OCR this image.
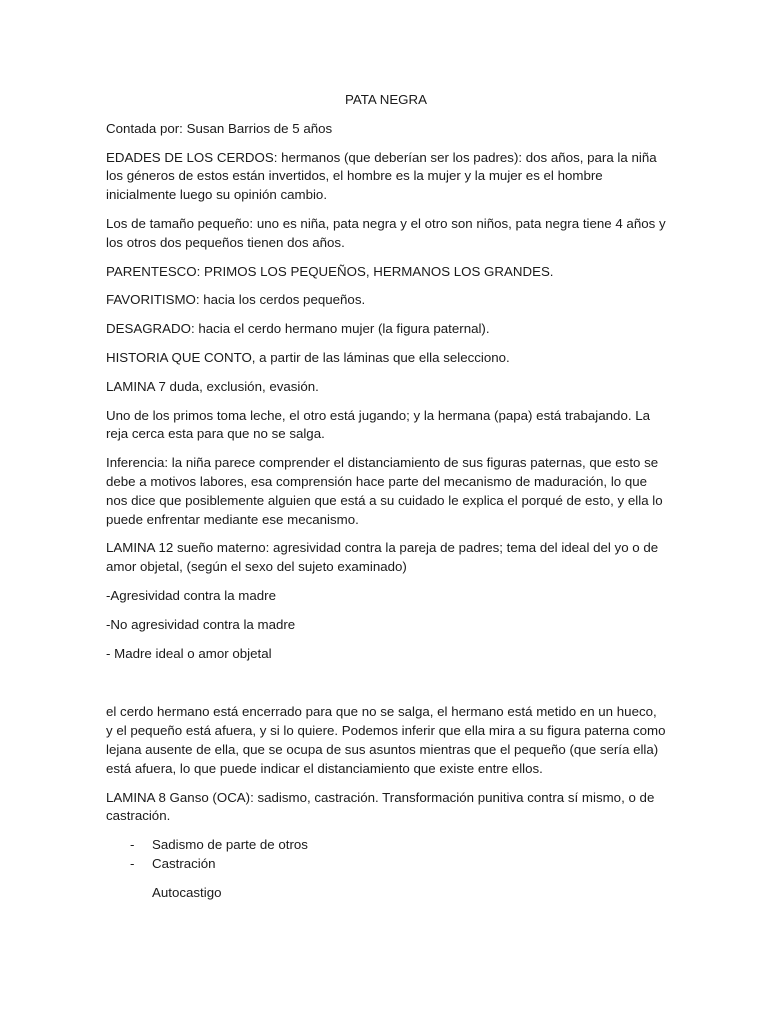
PATA NEGRA

Contada por: Susan Barrios de 5 años

EDADES DE LOS CERDOS: hermanos (que deberían ser los padres): dos años, para la niña los géneros de estos están invertidos, el hombre es la mujer y la mujer es el hombre inicialmente luego su opinión cambio.

Los de tamaño pequeño: uno es niña, pata negra y el otro son niños, pata negra tiene 4 años y los otros dos pequeños tienen dos años.

PARENTESCO: PRIMOS LOS PEQUEÑOS, HERMANOS LOS GRANDES.

FAVORITISMO: hacia los cerdos pequeños.

DESAGRADO: hacia el cerdo hermano mujer (la figura paternal).

HISTORIA QUE CONTO, a partir de las láminas que ella selecciono.

LAMINA 7 duda, exclusión, evasión.

Uno de los primos toma leche, el otro está jugando; y la hermana (papa) está trabajando. La reja cerca esta para que no se salga.

Inferencia: la niña parece comprender el distanciamiento de sus figuras paternas, que esto se debe a motivos labores, esa comprensión hace parte del mecanismo de maduración, lo que nos dice que posiblemente alguien que está a su cuidado le explica el porqué de esto, y ella lo puede enfrentar mediante ese mecanismo.

LAMINA 12 sueño materno: agresividad contra la pareja de padres; tema del ideal del yo o de amor objetal, (según el sexo del sujeto examinado)

-Agresividad contra la madre

-No agresividad contra la madre

- Madre ideal o amor objetal

el cerdo hermano está encerrado para que no se salga, el hermano está metido en un hueco, y el pequeño está afuera, y si lo quiere. Podemos inferir que ella mira a su figura paterna como lejana ausente de ella, que se ocupa de sus asuntos mientras que el pequeño (que sería ella) está afuera, lo que puede indicar el distanciamiento que existe entre ellos.

LAMINA 8 Ganso (OCA): sadismo, castración. Transformación punitiva contra sí mismo, o de castración.

-	Sadismo de parte de otros
-	Castración

Autocastigo
